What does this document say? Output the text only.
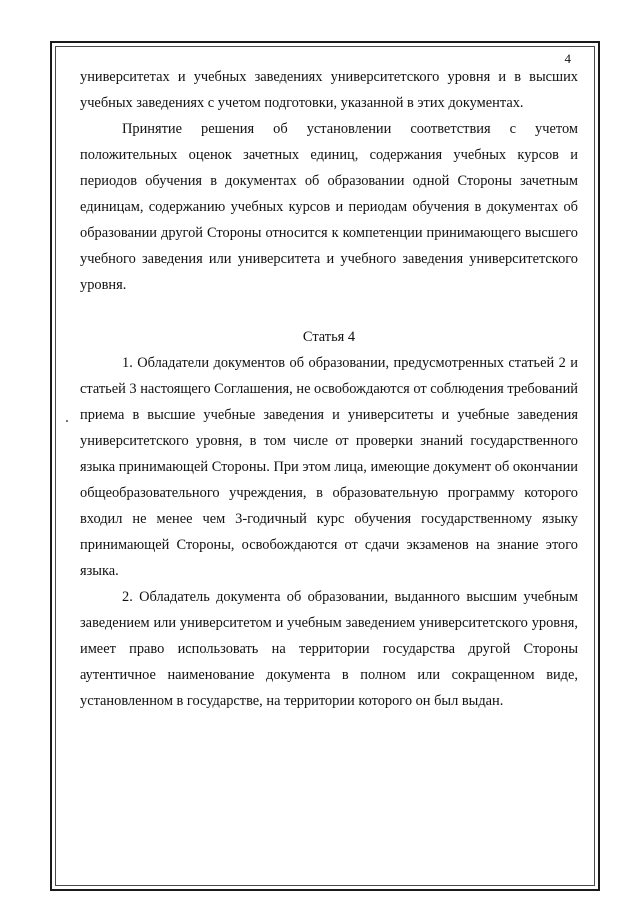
4

университетах и учебных заведениях университетского уровня и в высших учебных заведениях с учетом подготовки, указанной в этих документах.

Принятие решения об установлении соответствия с учетом положительных оценок зачетных единиц, содержания учебных курсов и периодов обучения в документах об образовании одной Стороны зачетным единицам, содержанию учебных курсов и периодам обучения в документах об образовании другой Стороны относится к компетенции принимающего высшего учебного заведения или университета и учебного заведения университетского уровня.

Статья 4

1. Обладатели документов об образовании, предусмотренных статьей 2 и статьей 3 настоящего Соглашения, не освобождаются от соблюдения требований приема в высшие учебные заведения и университеты и учебные заведения университетского уровня, в том числе от проверки знаний государственного языка принимающей Стороны. При этом лица, имеющие документ об окончании общеобразовательного учреждения, в образовательную программу которого входил не менее чем 3-годичный курс обучения государственному языку принимающей Стороны, освобождаются от сдачи экзаменов на знание этого языка.

2. Обладатель документа об образовании, выданного высшим учебным заведением или университетом и учебным заведением университетского уровня, имеет право использовать на территории государства другой Стороны аутентичное наименование документа в полном или сокращенном виде, установленном в государстве, на территории которого он был выдан.
